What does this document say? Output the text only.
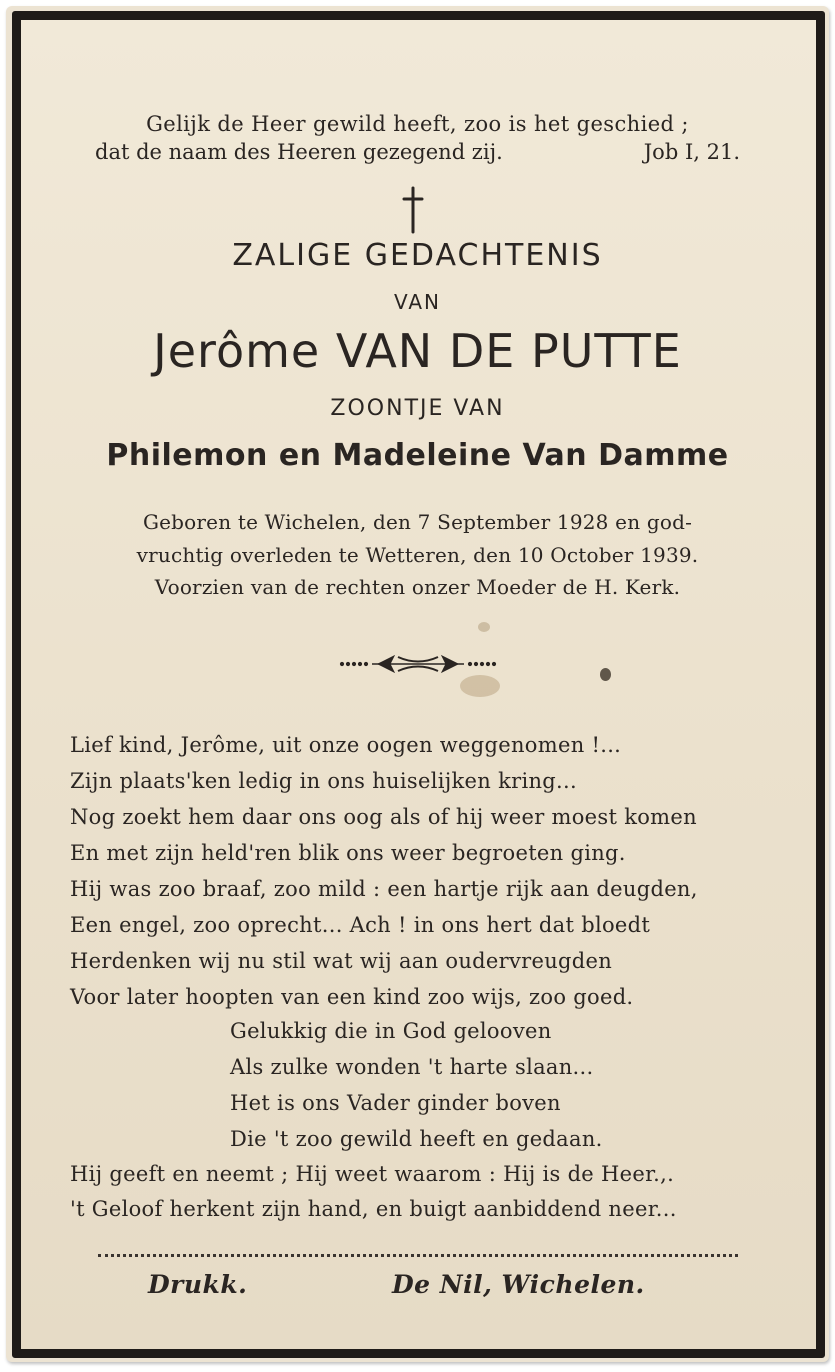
Gelijk de Heer gewild heeft, zoo is het geschied ;
dat de naam des Heeren gezegend zij.	Job I, 21.
ZALIGE GEDACHTENIS
VAN
Jerôme VAN DE PUTTE
ZOONTJE VAN
Philemon en Madeleine Van Damme
Geboren te Wichelen, den 7 September 1928 en god-
vruchtig overleden te Wetteren, den 10 October 1939.
Voorzien van de rechten onzer Moeder de H. Kerk.
Lief kind, Jerôme, uit onze oogen weggenomen !...
Zijn plaats'ken ledig in ons huiselijken kring...
Nog zoekt hem daar ons oog als of hij weer moest komen
En met zijn held'ren blik ons weer begroeten ging.
Hij was zoo braaf, zoo mild : een hartje rijk aan deugden,
Een engel, zoo oprecht... Ach ! in ons hert dat bloedt
Herdenken wij nu stil wat wij aan oudervreugden
Voor later hoopten van een kind zoo wijs, zoo goed.
Gelukkig die in God gelooven
Als zulke wonden 't harte slaan...
Het is ons Vader ginder boven
Die 't zoo gewild heeft en gedaan.
Hij geeft en neemt ; Hij weet waarom : Hij is de Heer.,.
't Geloof herkent zijn hand, en buigt aanbiddend neer...
Drukk.	De Nil, Wichelen.
